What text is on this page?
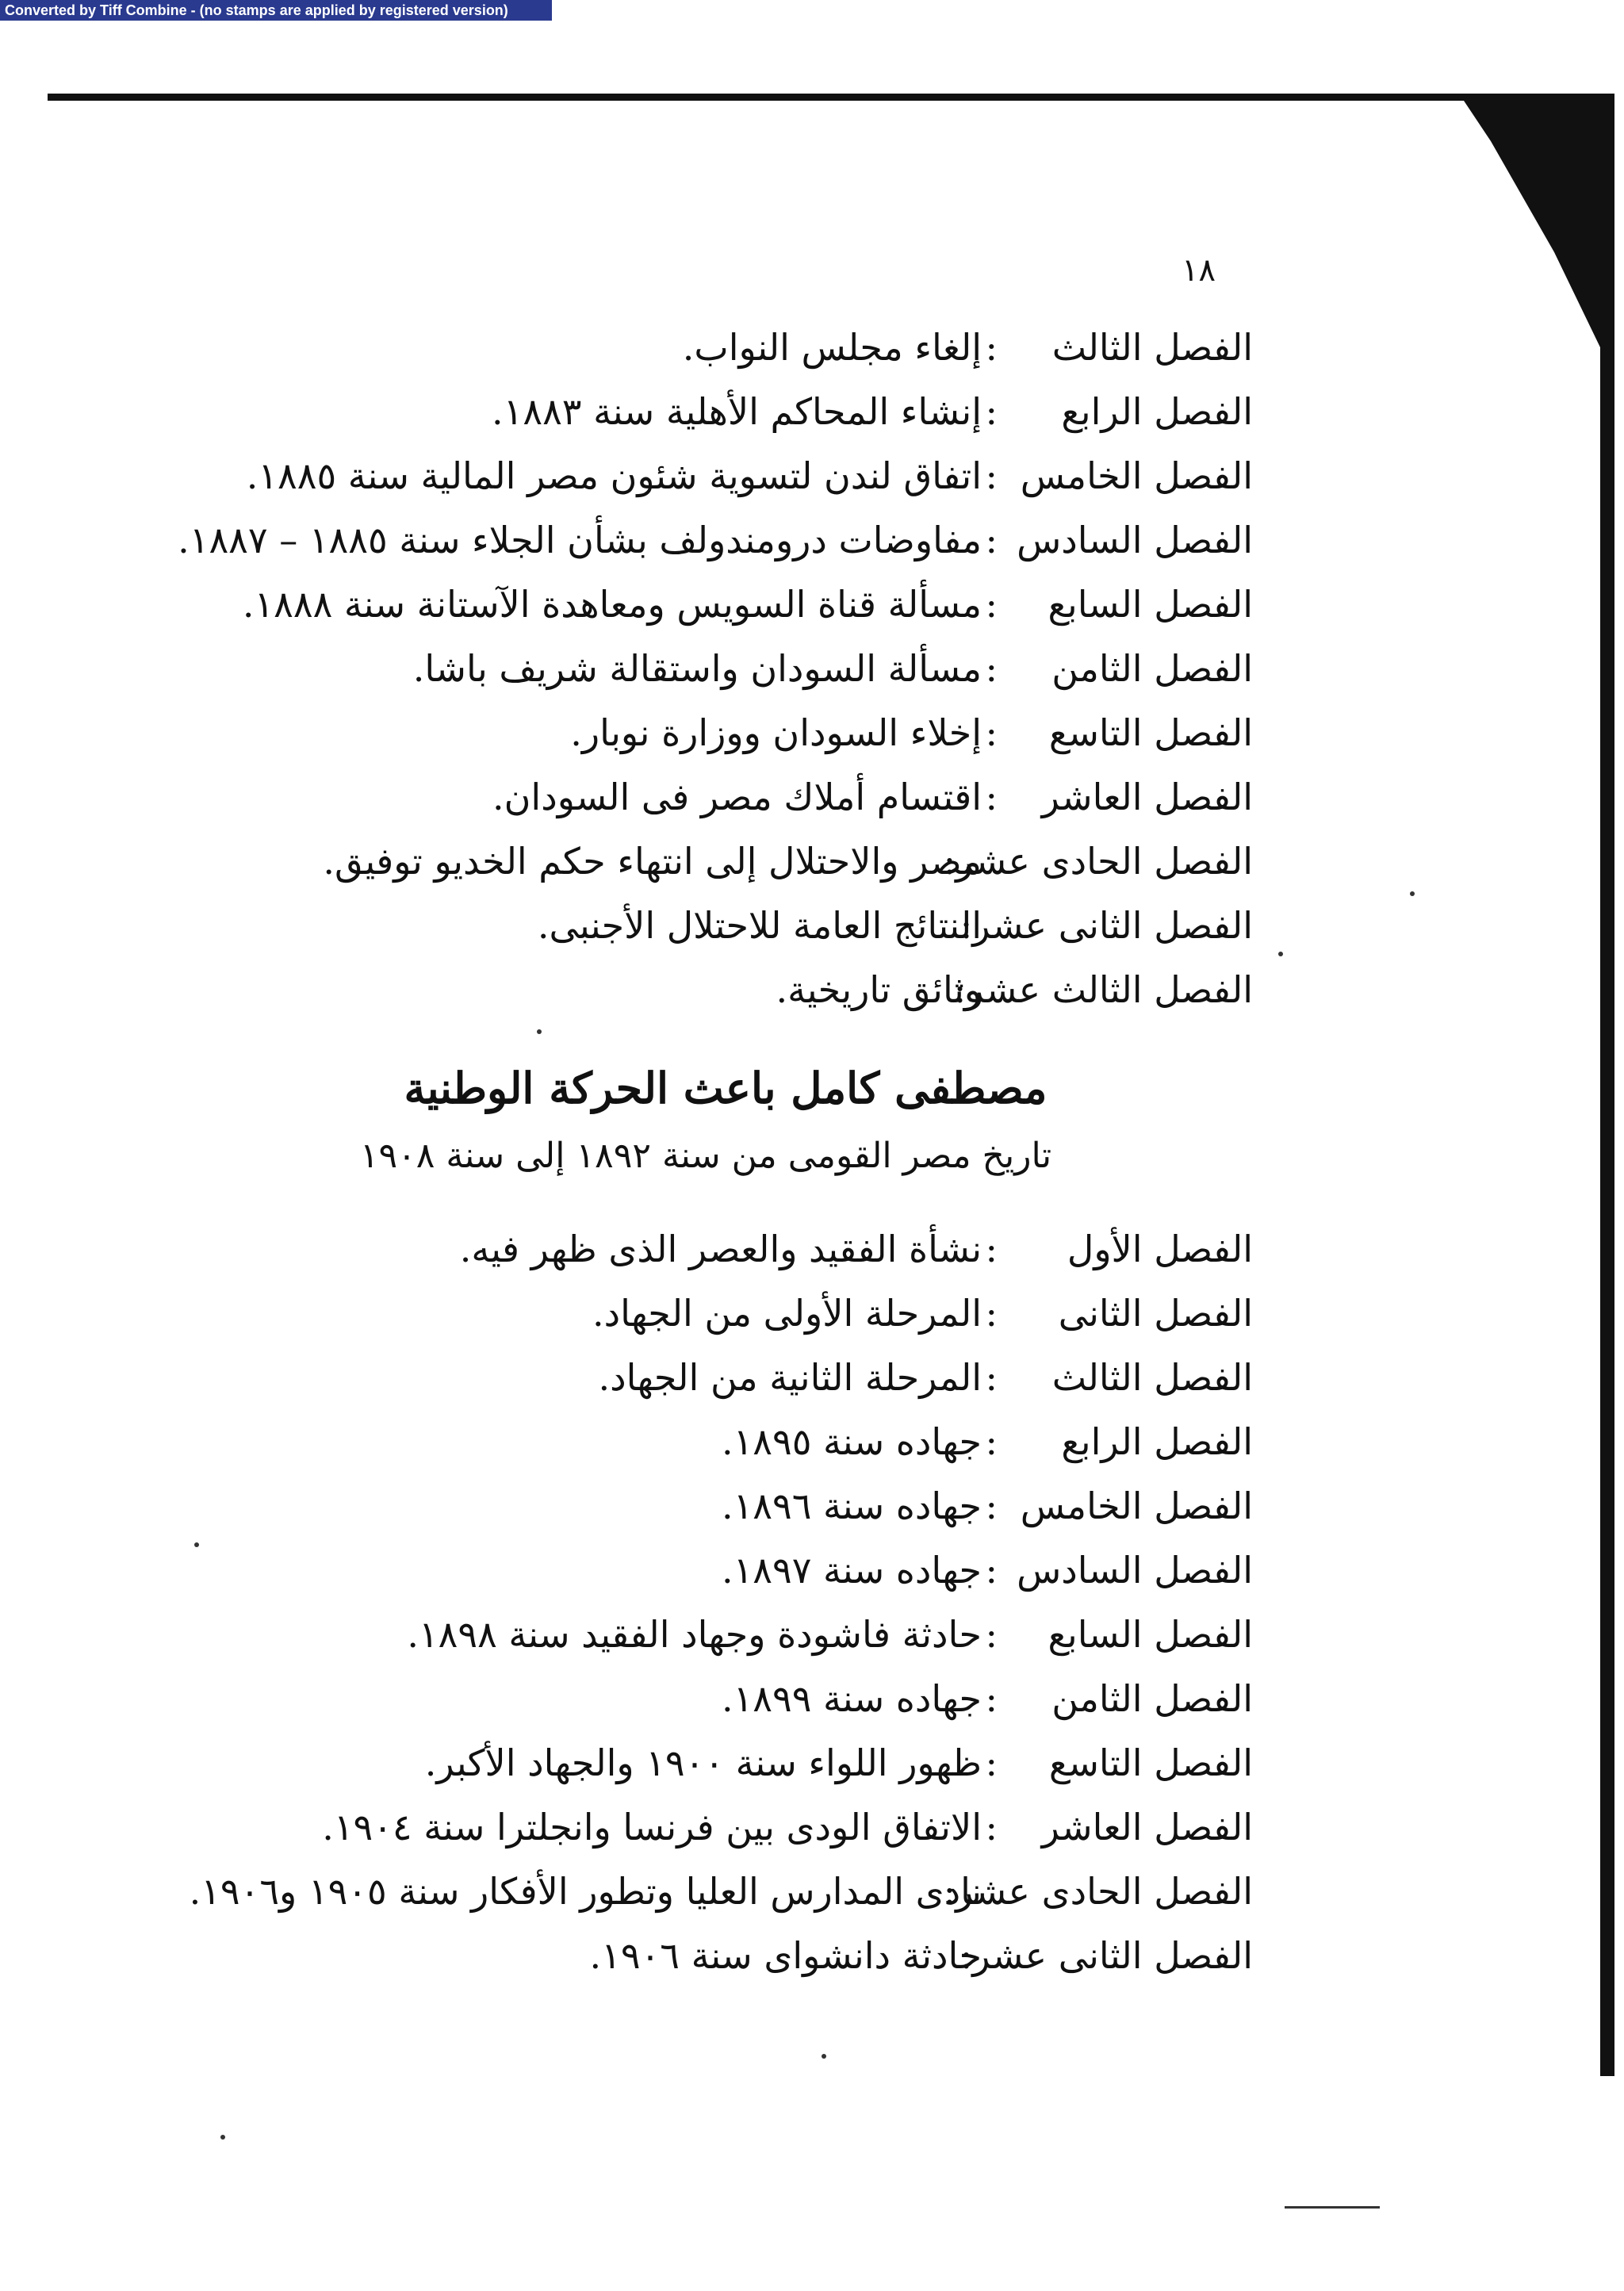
Converted by Tiff Combine - (no stamps are applied by registered version)
١٨
الفصل الثالث
:
إلغاء مجلس النواب.
الفصل الرابع
:
إنشاء المحاكم الأهلية سنة ١٨٨٣.
الفصل الخامس
:
اتفاق لندن لتسوية شئون مصر المالية سنة ١٨٨٥.
الفصل السادس
:
مفاوضات درومندولف بشأن الجلاء سنة ١٨٨٥ – ١٨٨٧.
الفصل السابع
:
مسألة قناة السويس ومعاهدة الآستانة سنة ١٨٨٨.
الفصل الثامن
:
مسألة السودان واستقالة شريف باشا.
الفصل التاسع
:
إخلاء السودان ووزارة نوبار.
الفصل العاشر
:
اقتسام أملاك مصر فى السودان.
الفصل الحادى عشر:
مصر والاحتلال إلى انتهاء حكم الخديو توفيق.
الفصل الثانى عشر:
النتائج العامة للاحتلال الأجنبى.
الفصل الثالث عشر:
وثائق تاريخية.
مصطفى كامل باعث الحركة الوطنية
تاريخ مصر القومى من سنة ١٨٩٢ إلى سنة ١٩٠٨
الفصل الأول
:
نشأة الفقيد والعصر الذى ظهر فيه.
الفصل الثانى
:
المرحلة الأولى من الجهاد.
الفصل الثالث
:
المرحلة الثانية من الجهاد.
الفصل الرابع
:
جهاده سنة ١٨٩٥.
الفصل الخامس
:
جهاده سنة ١٨٩٦.
الفصل السادس
:
جهاده سنة ١٨٩٧.
الفصل السابع
:
حادثة فاشودة وجهاد الفقيد سنة ١٨٩٨.
الفصل الثامن
:
جهاده سنة ١٨٩٩.
الفصل التاسع
:
ظهور اللواء سنة ١٩٠٠ والجهاد الأكبر.
الفصل العاشر
:
الاتفاق الودى بين فرنسا وانجلترا سنة ١٩٠٤.
الفصل الحادى عشر:
نادى المدارس العليا وتطور الأفكار سنة ١٩٠٥ و١٩٠٦.
الفصل الثانى عشر:
حادثة دانشواى سنة ١٩٠٦.
